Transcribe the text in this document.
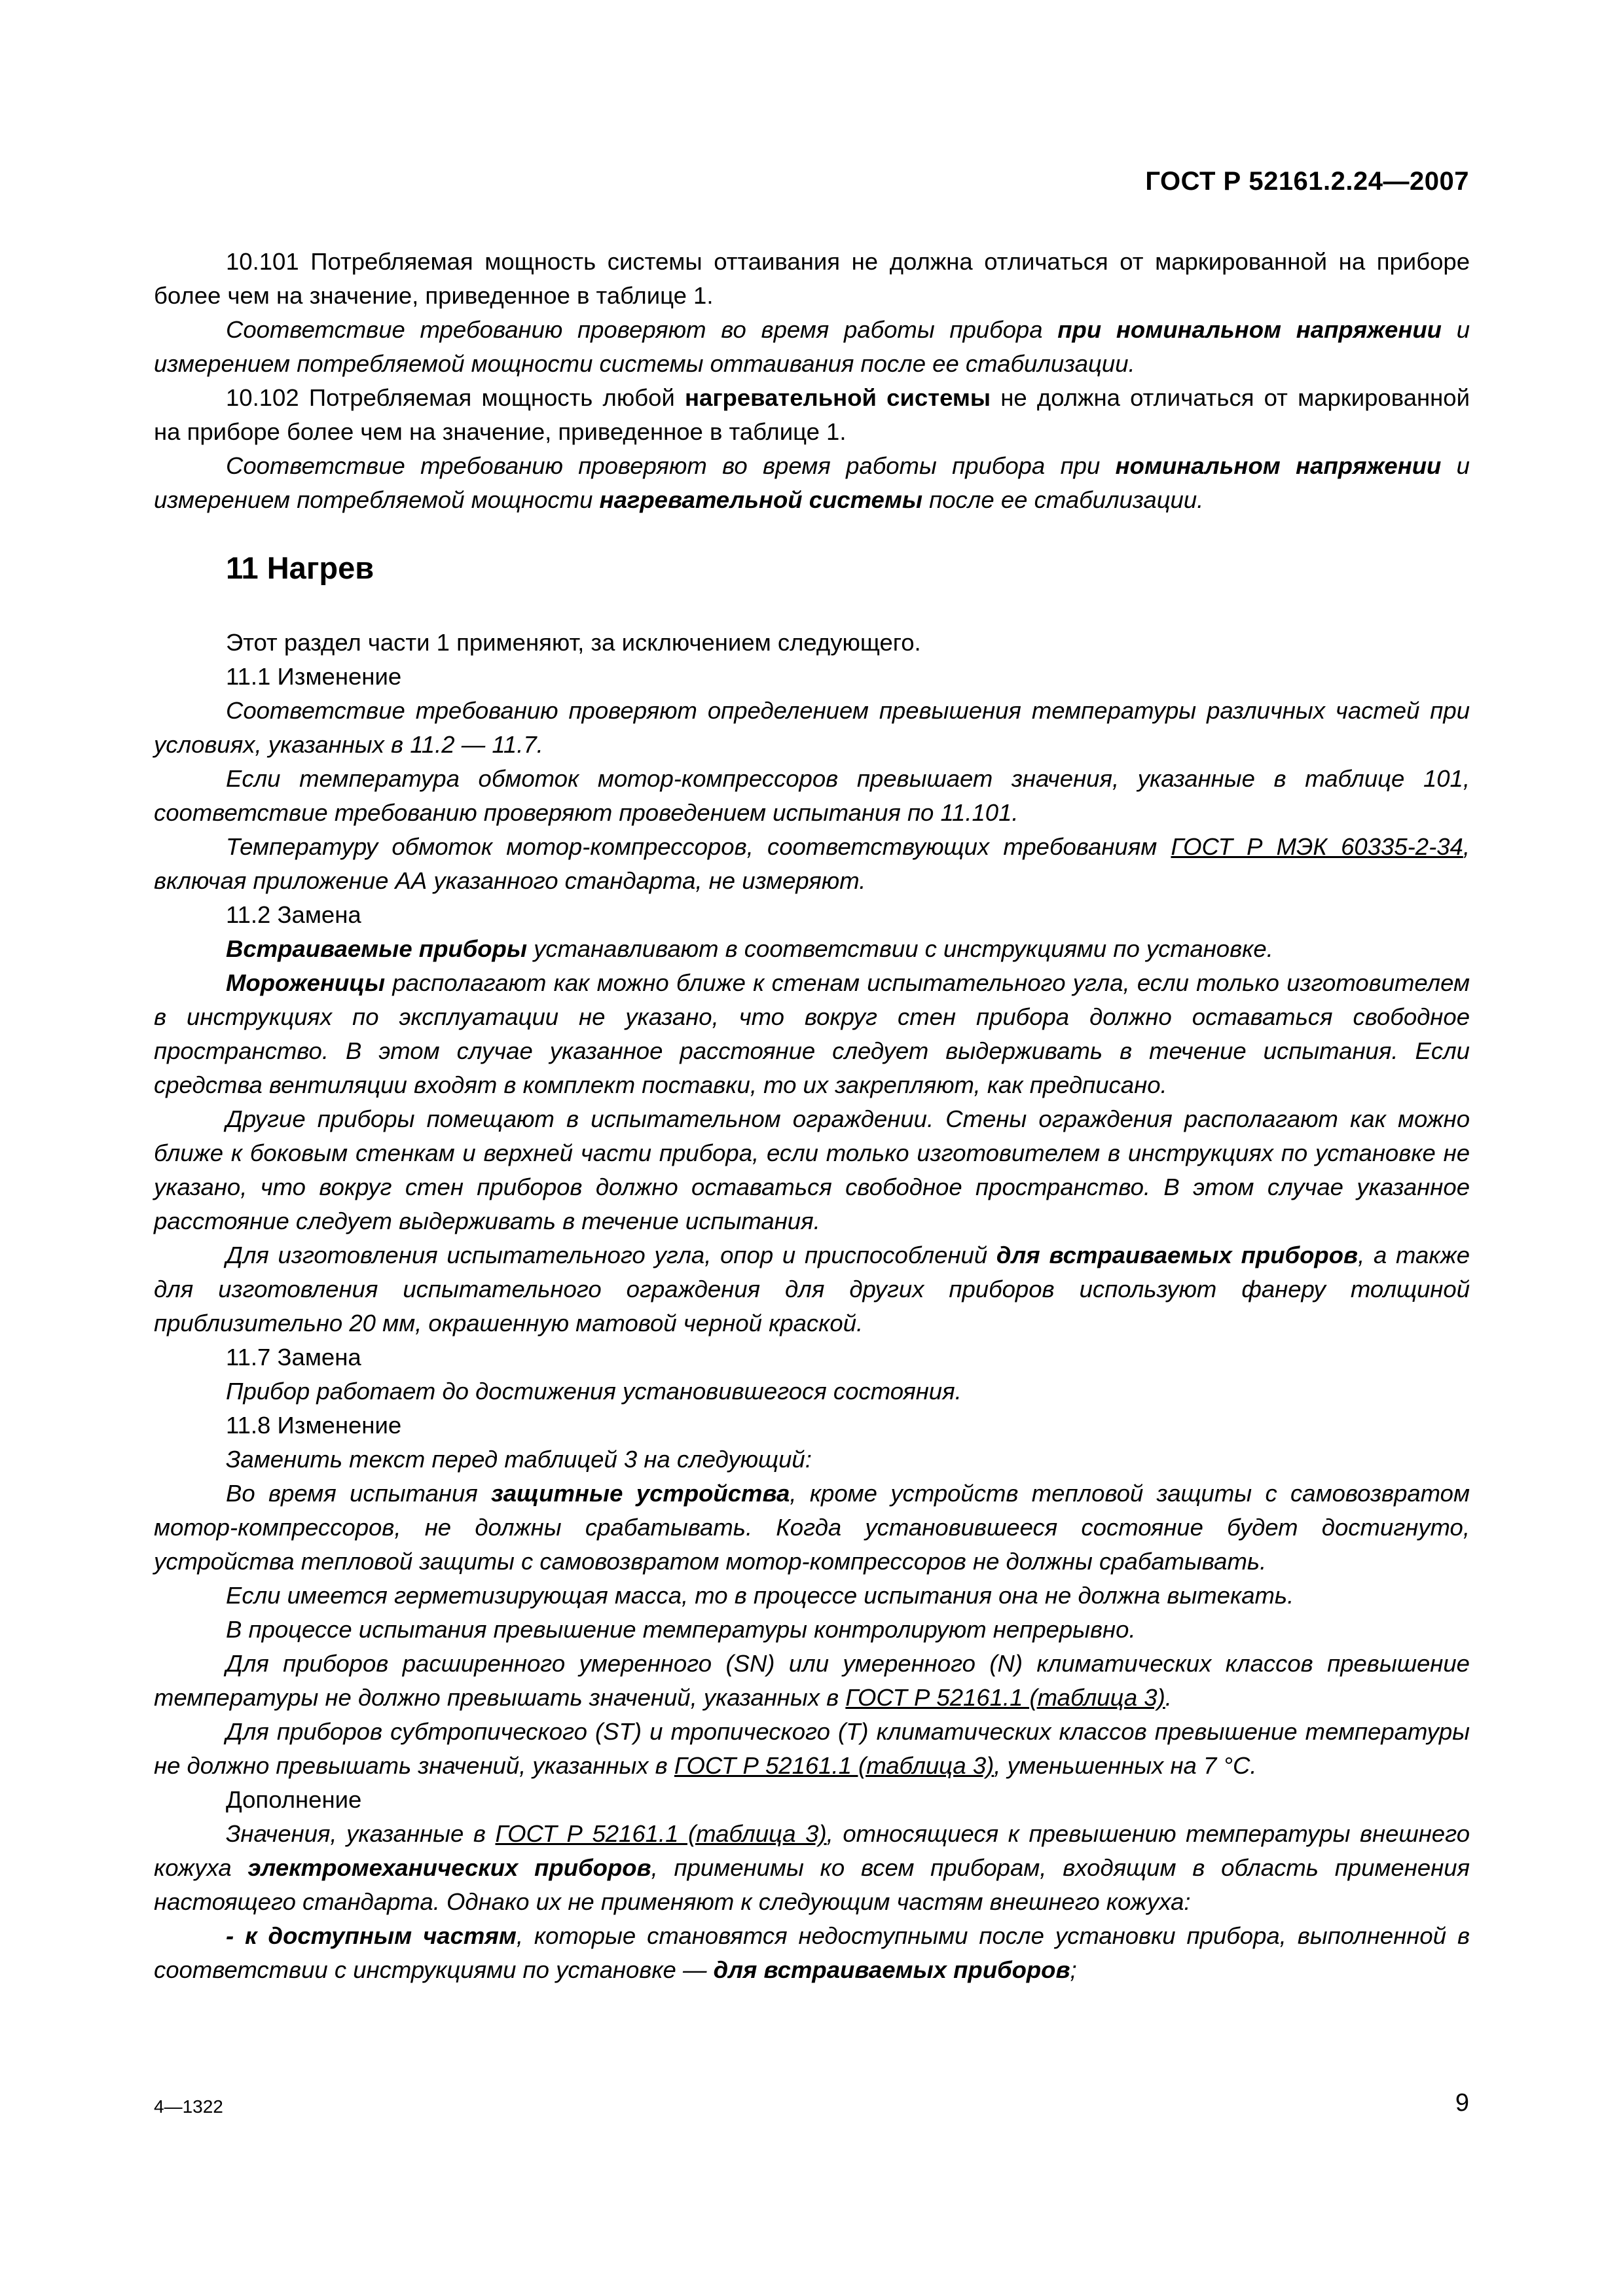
ГОСТ Р 52161.2.24—2007

10.101 Потребляемая мощность системы оттаивания не должна отличаться от маркированной на приборе более чем на значение, приведенное в таблице 1.

Соответствие требованию проверяют во время работы прибора при номинальном напряжении и измерением потребляемой мощности системы оттаивания после ее стабилизации.

10.102 Потребляемая мощность любой нагревательной системы не должна отличаться от маркированной на приборе более чем на значение, приведенное в таблице 1.

Соответствие требованию проверяют во время работы прибора при номинальном напряжении и измерением потребляемой мощности нагревательной системы после ее стабилизации.

11 Нагрев

Этот раздел части 1 применяют, за исключением следующего.

11.1 Изменение

Соответствие требованию проверяют определением превышения температуры различных частей при условиях, указанных в 11.2 — 11.7.

Если температура обмоток мотор-компрессоров превышает значения, указанные в таблице 101, соответствие требованию проверяют проведением испытания по 11.101.

Температуру обмоток мотор-компрессоров, соответствующих требованиям ГОСТ Р МЭК 60335-2-34, включая приложение АА указанного стандарта, не измеряют.

11.2 Замена

Встраиваемые приборы устанавливают в соответствии с инструкциями по установке.

Мороженицы располагают как можно ближе к стенам испытательного угла, если только изготовителем в инструкциях по эксплуатации не указано, что вокруг стен прибора должно оставаться свободное пространство. В этом случае указанное расстояние следует выдерживать в течение испытания. Если средства вентиляции входят в комплект поставки, то их закрепляют, как предписано.

Другие приборы помещают в испытательном ограждении. Стены ограждения располагают как можно ближе к боковым стенкам и верхней части прибора, если только изготовителем в инструкциях по установке не указано, что вокруг стен приборов должно оставаться свободное пространство. В этом случае указанное расстояние следует выдерживать в течение испытания.

Для изготовления испытательного угла, опор и приспособлений для встраиваемых приборов, а также для изготовления испытательного ограждения для других приборов используют фанеру толщиной приблизительно 20 мм, окрашенную матовой черной краской.

11.7 Замена

Прибор работает до достижения установившегося состояния.

11.8 Изменение

Заменить текст перед таблицей 3 на следующий:

Во время испытания защитные устройства, кроме устройств тепловой защиты с самовозвратом мотор-компрессоров, не должны срабатывать. Когда установившееся состояние будет достигнуто, устройства тепловой защиты с самовозвратом мотор-компрессоров не должны срабатывать.

Если имеется герметизирующая масса, то в процессе испытания она не должна вытекать.

В процессе испытания превышение температуры контролируют непрерывно.

Для приборов расширенного умеренного (SN) или умеренного (N) климатических классов превышение температуры не должно превышать значений, указанных в ГОСТ Р 52161.1 (таблица 3).

Для приборов субтропического (ST) и тропического (T) климатических классов превышение температуры не должно превышать значений, указанных в ГОСТ Р 52161.1 (таблица 3), уменьшенных на 7 °С.

Дополнение

Значения, указанные в ГОСТ Р 52161.1 (таблица 3), относящиеся к превышению температуры внешнего кожуха электромеханических приборов, применимы ко всем приборам, входящим в область применения настоящего стандарта. Однако их не применяют к следующим частям внешнего кожуха:

- к доступным частям, которые становятся недоступными после установки прибора, выполненной в соответствии с инструкциями по установке — для встраиваемых приборов;

4—1322	9
